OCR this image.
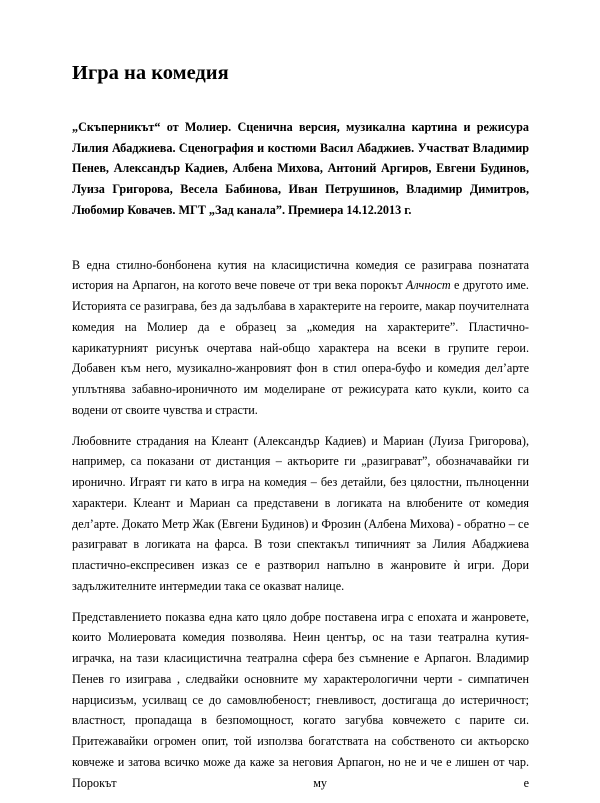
Игра на комедия
„Скъперникът“ от Молиер. Сценична версия, музикална картина и режисура Лилия Абаджиева. Сценография и костюми Васил Абаджиев. Участват Владимир Пенев, Александър Кадиев, Албена Михова, Антоний Аргиров, Евгени Будинов, Луиза Григорова, Весела Бабинова, Иван Петрушинов, Владимир Димитров, Любомир Ковачев. МГТ „Зад канала”. Премиера 14.12.2013 г.

В една стилно-бонбонена кутия на класицистична комедия се разиграва познатата история на Арпагон, на когото вече повече от три века порокът Алчност е другото име. Историята се разиграва, без да задълбава в характерите на героите, макар поучителната комедия на Молиер да е образец за „комедия на характерите”. Пластично-карикатурният рисунък очертава най-общо характера на всеки в групите герои. Добавен към него, музикално-жанровият фон в стил опера-буфо и комедия дел’арте уплътнява забавно-ироничното им моделиране от режисурата като кукли, които са водени от своите чувства и страсти.

Любовните страдания на Клеант (Александър Кадиев) и Мариан (Луиза Григорова), например, са показани от дистанция – актьорите ги „разиграват”, обозначавайки ги иронично. Играят ги като в игра на комедия – без детайли, без цялостни, пълноценни характери. Клеант и Мариан са представени в логиката на влюбените от комедия дел’арте. Докато Метр Жак (Евгени Будинов) и Фрозин (Албена Михова) - обратно – се разиграват в логиката на фарса. В този спектакъл типичният за Лилия Абаджиева пластично-експресивен изказ се е разтворил напълно в жанровите ѝ игри. Дори задължителните интермедии така се оказват налице.

Представлението показва една като цяло добре поставена игра с епохата и жанровете, които Молиеровата комедия позволява. Неин център, ос на тази театрална кутия-играчка, на тази класицистична театрална сфера без съмнение е Арпагон. Владимир Пенев го изиграва , следвайки основните му характерологични черти - симпатичен нарцисизъм, усилващ се до самовлюбеност; гневливост, достигаща до истеричност; властност, пропадаща в безпомощност, когато загубва ковчежето с парите си. Притежавайки огромен опит, той използва богатствата на собственото си актьорско ковчеже и затова всичко може да каже за неговия Арпагон, но не и че е лишен от чар. Порокът му е
